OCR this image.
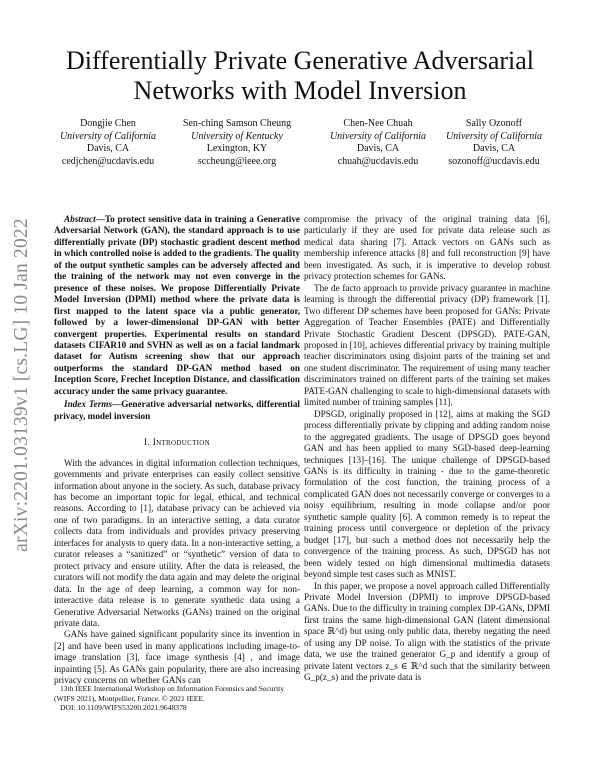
arXiv:2201.03139v1 [cs.LG] 10 Jan 2022
Differentially Private Generative Adversarial Networks with Model Inversion
Dongjie Chen
University of California
Davis, CA
cedjchen@ucdavis.edu
Sen-ching Samson Cheung
University of Kentucky
Lexington, KY
sccheung@ieee.org
Chen-Nee Chuah
University of California
Davis, CA
chuah@ucdavis.edu
Sally Ozonoff
University of California
Davis, CA
sozonoff@ucdavis.edu

Abstract—To protect sensitive data in training a Generative Adversarial Network (GAN), the standard approach is to use differentially private (DP) stochastic gradient descent method in which controlled noise is added to the gradients. The quality of the output synthetic samples can be adversely affected and the training of the network may not even converge in the presence of these noises. We propose Differentially Private Model Inversion (DPMI) method where the private data is first mapped to the latent space via a public generator, followed by a lower-dimensional DP-GAN with better convergent properties. Experimental results on standard datasets CIFAR10 and SVHN as well as on a facial landmark dataset for Autism screening show that our approach outperforms the standard DP-GAN method based on Inception Score, Frechet Inception Distance, and classification accuracy under the same privacy guarantee.

Index Terms—Generative adversarial networks, differential privacy, model inversion

I. Introduction

With the advances in digital information collection techniques, governments and private enterprises can easily collect sensitive information about anyone in the society. As such, database privacy has become an important topic for legal, ethical, and technical reasons. According to [1], database privacy can be achieved via one of two paradigms. In an interactive setting, a data curator collects data from individuals and provides privacy preserving interfaces for analysts to query data. In a non-interactive setting, a curator releases a “sanitized” or “synthetic” version of data to protect privacy and ensure utility. After the data is released, the curators will not modify the data again and may delete the original data. In the age of deep learning, a common way for non-interactive data release is to generate synthetic data using a Generative Adversarial Networks (GANs) trained on the original private data.

GANs have gained significant popularity since its invention in [2] and have been used in many applications including image-to-image translation [3], face image synthesis [4] , and image inpainting [5]. As GANs gain popularity, there are also increasing privacy concerns on whether GANs can

13th IEEE International Workshop on Information Forensics and Security (WIFS 2021), Montpellier, France. © 2021 IEEE.
DOI: 10.1109/WIFS53200.2021.9648378

compromise the privacy of the original training data [6], particularly if they are used for private data release such as medical data sharing [7]. Attack vectors on GANs such as membership inference attacks [8] and full reconstruction [9] have been investigated. As such, it is imperative to develop robust privacy protection schemes for GANs.

The de facto approach to provide privacy guarantee in machine learning is through the differential privacy (DP) framework [1]. Two different DP schemes have been proposed for GANs: Private Aggregation of Teacher Ensembles (PATE) and Differentially Private Stochastic Gradient Descent (DPSGD). PATE-GAN, proposed in [10], achieves differential privacy by training multiple teacher discriminators using disjoint parts of the training set and one student discriminator. The requirement of using many teacher discriminators trained on different parts of the training set makes PATE-GAN challenging to scale to high-dimensional datasets with limited number of training samples [11].

DPSGD, originally proposed in [12], aims at making the SGD process differentially private by clipping and adding random noise to the aggregated gradients. The usage of DPSGD goes beyond GAN and has been applied to many SGD-based deep-learning techniques [13]–[16]. The unique challenge of DPSGD-based GANs is its difficulty in training - due to the game-theoretic formulation of the cost function, the training process of a complicated GAN does not necessarily converge or converges to a noisy equilibrium, resulting in mode collapse and/or poor synthetic sample quality [6]. A common remedy is to repeat the training process until convergence or depletion of the privacy budget [17], but such a method does not necessarily help the convergence of the training process. As such, DPSGD has not been widely tested on high dimensional multimedia datasets beyond simple test cases such as MNIST.

In this paper, we propose a novel approach called Differentially Private Model Inversion (DPMI) to improve DPSGD-based GANs. Due to the difficulty in training complex DP-GANs, DPMI first trains the same high-dimensional GAN (latent dimensional space ℝ^d) but using only public data, thereby negating the need of using any DP noise. To align with the statistics of the private data, we use the trained generator G_p and identify a group of private latent vectors z_s ∈ ℝ^d such that the similarity between G_p(z_s) and the private data is
